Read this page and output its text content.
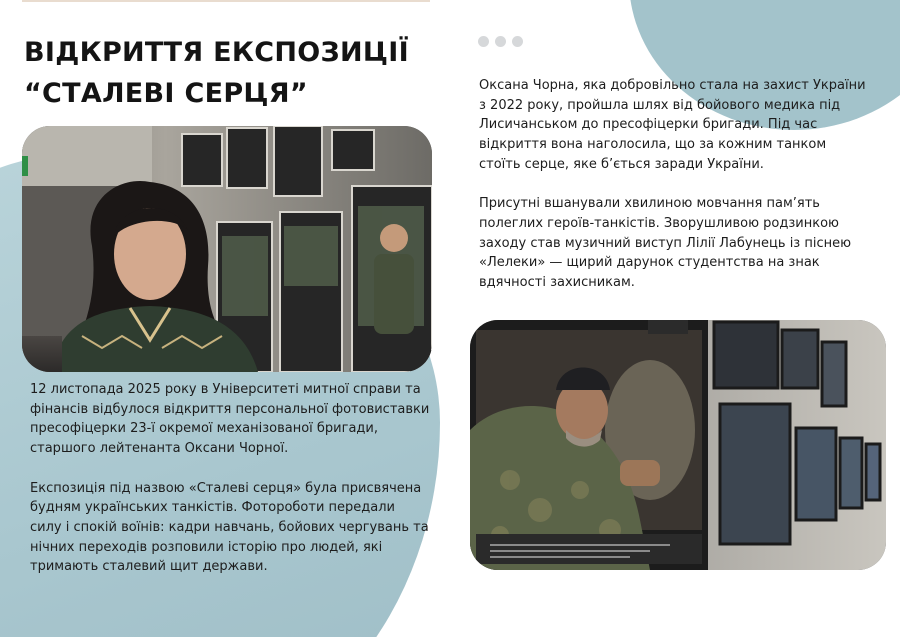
ВІДКРИТТЯ ЕКСПОЗИЦІЇ
“СТАЛЕВІ СЕРЦЯ”

12 листопада 2025 року в Університеті митної справи та фінансів відбулося відкриття персональної фотовиставки пресофіцерки 23-ї окремої механізованої бригади, старшого лейтенанта Оксани Чорної.

Експозиція під назвою «Сталеві серця» була присвячена будням українських танкістів. Фотороботи передали силу і спокій воїнів: кадри навчань, бойових чергувань та нічних переходів розповили історію про людей, які тримають сталевий щит держави.

Оксана Чорна, яка добровільно стала на захист України з 2022 року, пройшла шлях від бойового медика під Лисичанськом до пресофіцерки бригади. Під час відкриття вона наголосила, що за кожним танком стоїть серце, яке б’ється заради України.

Присутні вшанували хвилиною мовчання пам’ять полеглих героїв-танкістів. Зворушливою родзинкою заходу став музичний виступ Лілії Лабунець із піснею «Лелеки» — щирий дарунок студентства на знак вдячності захисникам.
